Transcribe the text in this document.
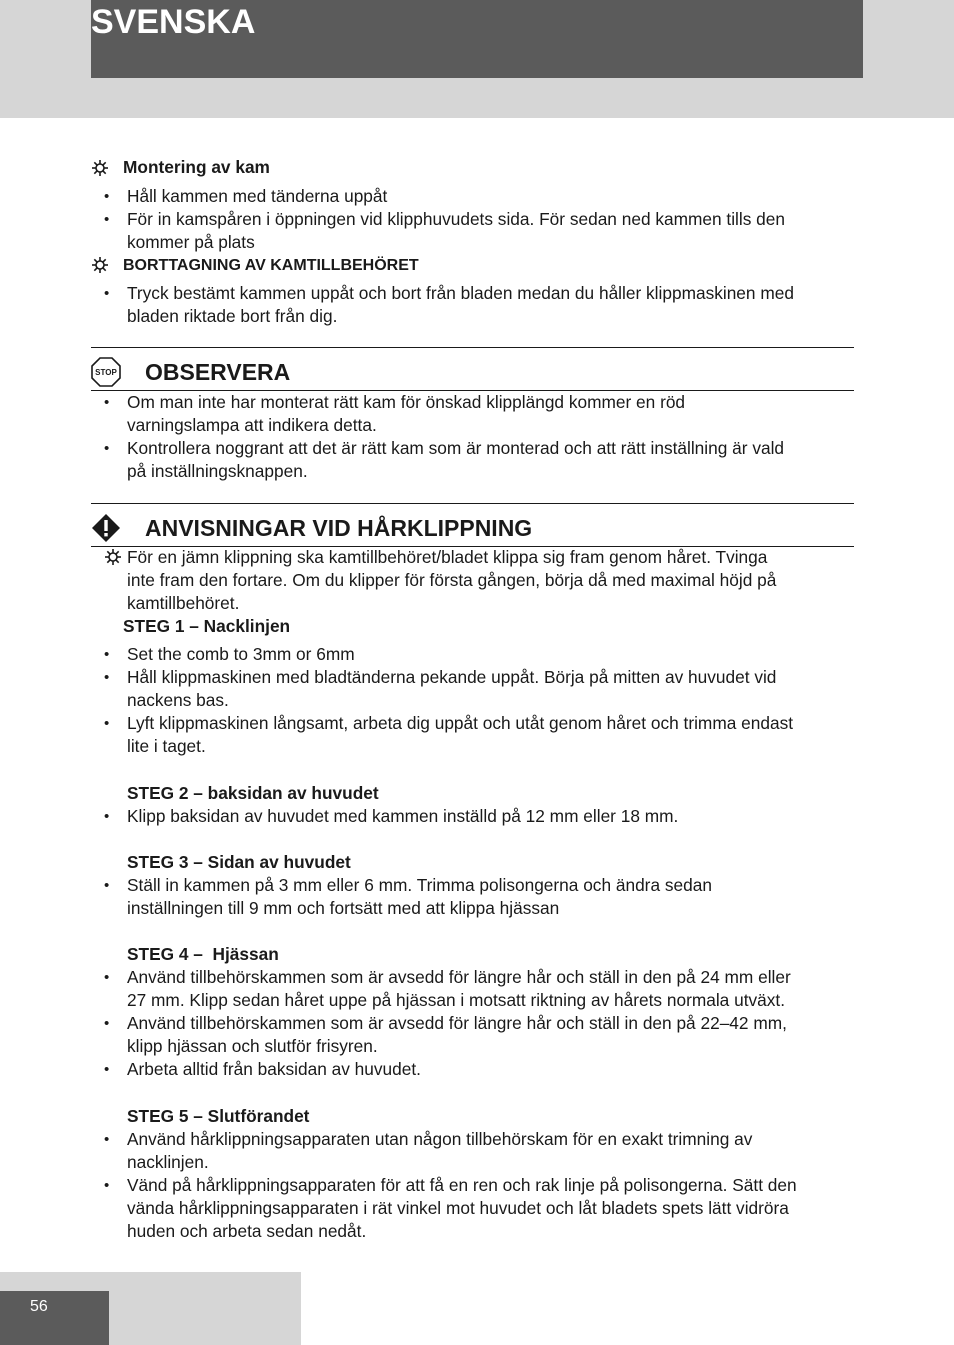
SVENSKA
Montering av kam
• Håll kammen med tänderna uppåt
• För in kamspåren i öppningen vid klipphuvudets sida. För sedan ned kammen tills den
kommer på plats
BORTTAGNING AV KAMTILLBEHÖRET
• Tryck bestämt kammen uppåt och bort från bladen medan du håller klippmaskinen med
bladen riktade bort från dig.
STOP OBSERVERA
• Om man inte har monterat rätt kam för önskad klipplängd kommer en röd
varningslampa att indikera detta.
• Kontrollera noggrant att det är rätt kam som är monterad och att rätt inställning är vald
på inställningsknappen.
ANVISNINGAR VID HÅRKLIPPNING
För en jämn klippning ska kamtillbehöret/bladet klippa sig fram genom håret. Tvinga
inte fram den fortare. Om du klipper för första gången, börja då med maximal höjd på
kamtillbehöret.
STEG 1 – Nacklinjen
• Set the comb to 3mm or 6mm
• Håll klippmaskinen med bladtänderna pekande uppåt. Börja på mitten av huvudet vid
nackens bas.
• Lyft klippmaskinen långsamt, arbeta dig uppåt och utåt genom håret och trimma endast
lite i taget.
STEG 2 – baksidan av huvudet
• Klipp baksidan av huvudet med kammen inställd på 12 mm eller 18 mm.
STEG 3 – Sidan av huvudet
• Ställ in kammen på 3 mm eller 6 mm. Trimma polisongerna och ändra sedan
inställningen till 9 mm och fortsätt med att klippa hjässan
STEG 4 –  Hjässan
• Använd tillbehörskammen som är avsedd för längre hår och ställ in den på 24 mm eller
27 mm. Klipp sedan håret uppe på hjässan i motsatt riktning av hårets normala utväxt.
• Använd tillbehörskammen som är avsedd för längre hår och ställ in den på 22–42 mm,
klipp hjässan och slutför frisyren.
• Arbeta alltid från baksidan av huvudet.
STEG 5 – Slutförandet
• Använd hårklippningsapparaten utan någon tillbehörskam för en exakt trimning av
nacklinjen.
• Vänd på hårklippningsapparaten för att få en ren och rak linje på polisongerna. Sätt den
vända hårklippningsapparaten i rät vinkel mot huvudet och låt bladets spets lätt vidröra
huden och arbeta sedan nedåt.
56
